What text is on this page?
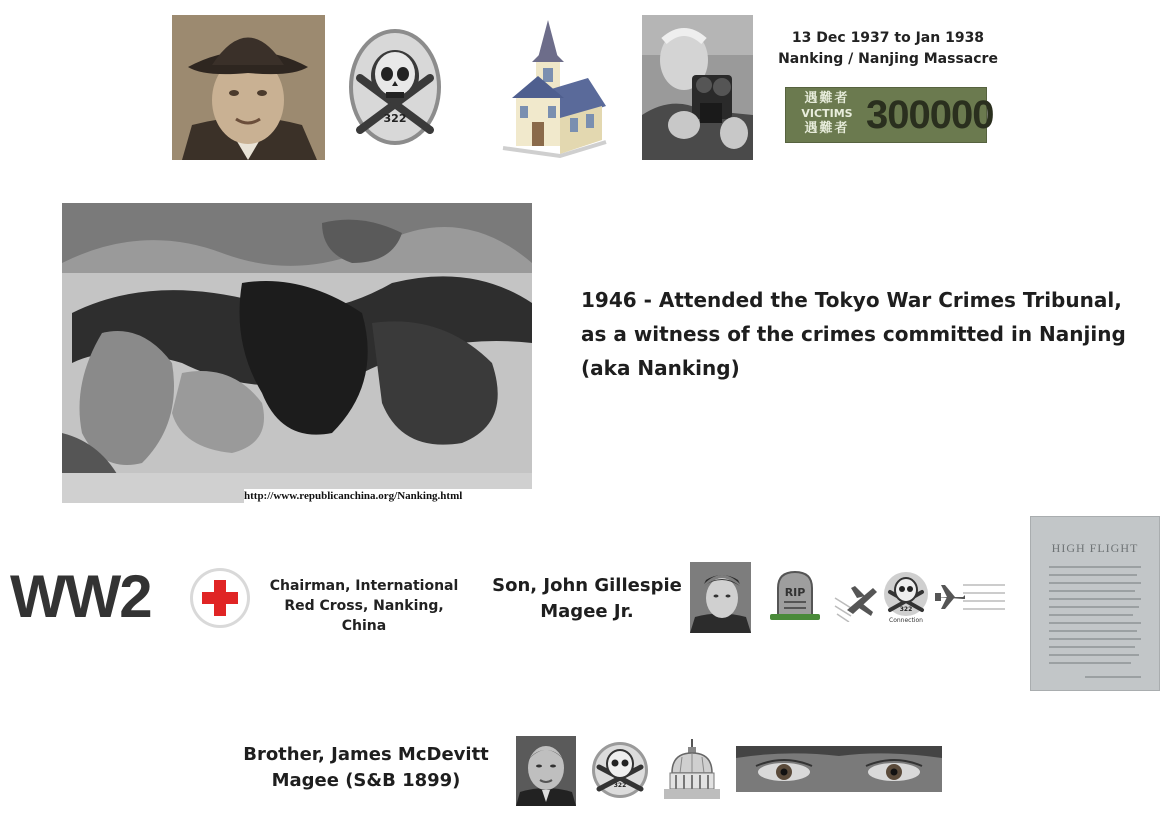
322
13 Dec 1937 to Jan 1938
Nanking / Nanjing Massacre
遇難者
VICTIMS
遇難者 300000
http://www.republicanchina.org/Nanking.html
1946 - Attended the Tokyo War Crimes Tribunal,
as a witness of the crimes committed in Nanjing
(aka Nanking)
WW2	Chairman, International
Red Cross, Nanking, China
Son, John Gillespie
Magee Jr.
RIP
322
Connection
HIGH FLIGHT
Brother, James McDevitt
Magee (S&B 1899)	322
